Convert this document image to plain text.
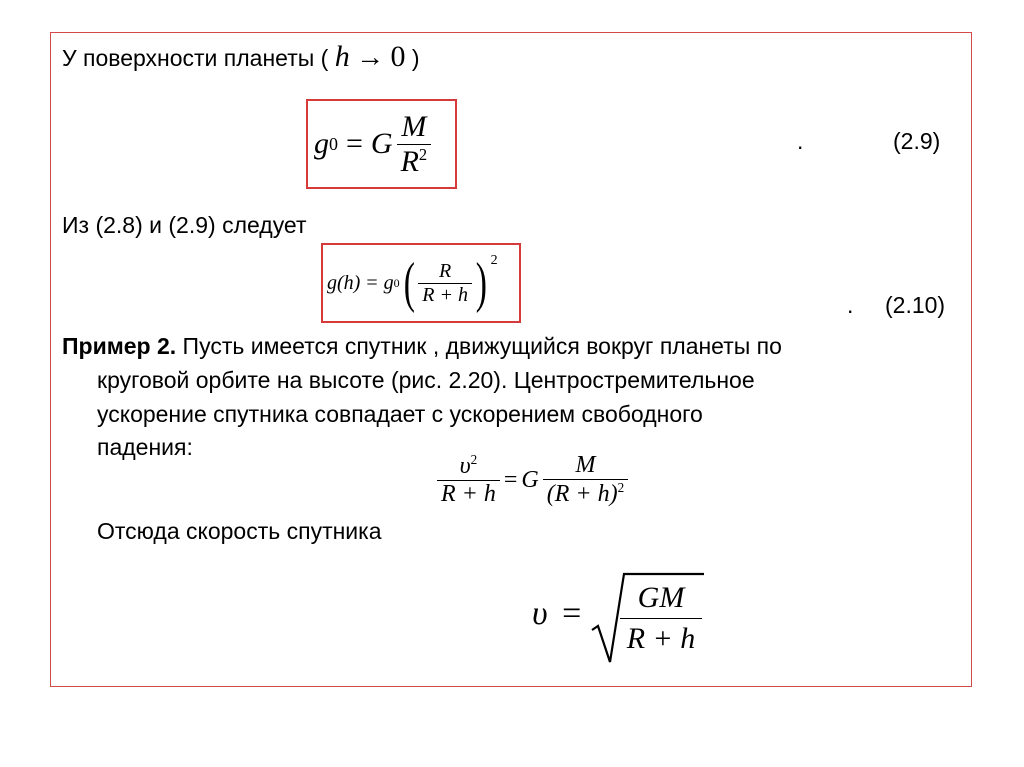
У поверхности планеты ( h → 0 )
g 0 = G $\frac{M}{R^2}$	.	(2.9)
Из (2.8) и (2.9) следует
g(h) = g 0 ( $\frac{R}{R + h}$ ) $^2$
. (2.10)
Пример 2. Пусть имеется спутник , движущийся вокруг планеты по
круговой орбите на высоте (рис. 2.20). Центростремительное
ускорение спутника совпадает с ускорением свободного
падения:
$\frac{\upsilon^2}{R + h} = G \frac{M}{(R + h)^2}$
Отсюда скорость спутника
$\upsilon = \frac{GM}{R + h}$
